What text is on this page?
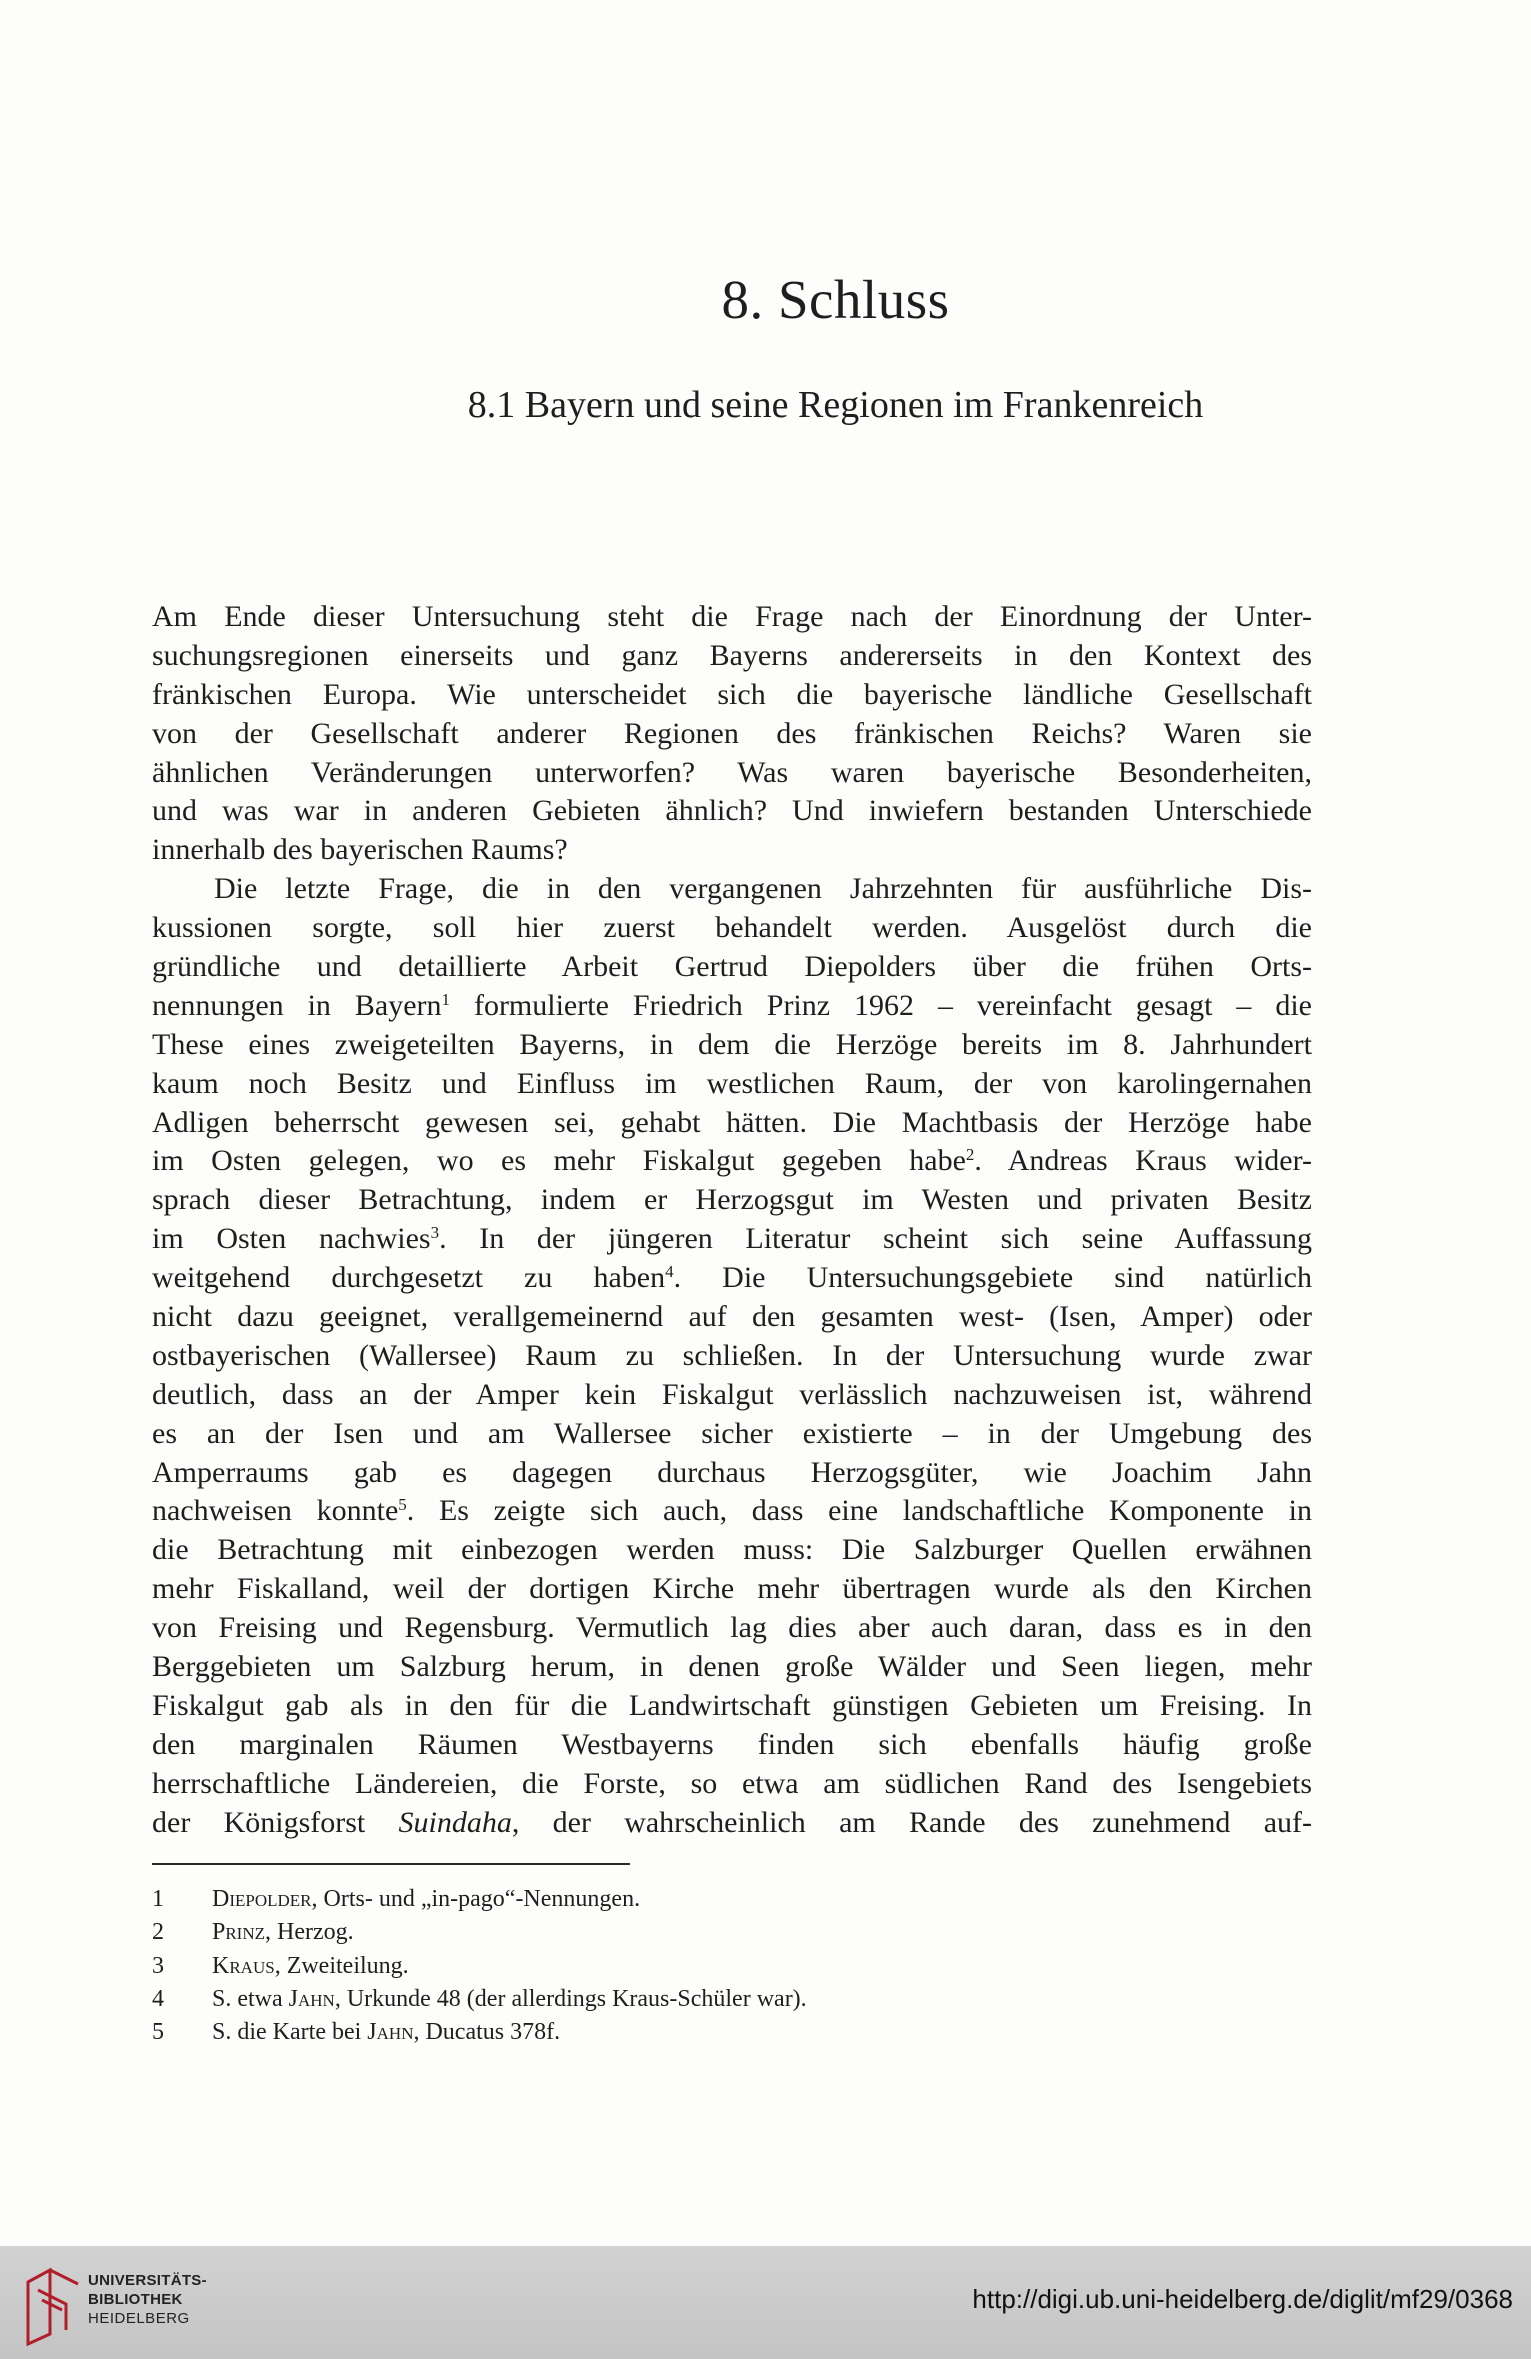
8. Schluss
8.1 Bayern und seine Regionen im Frankenreich
Am Ende dieser Untersuchung steht die Frage nach der Einordnung der Unter-
suchungsregionen einerseits und ganz Bayerns andererseits in den Kontext des
fränkischen Europa. Wie unterscheidet sich die bayerische ländliche Gesellschaft
von der Gesellschaft anderer Regionen des fränkischen Reichs? Waren sie
ähnlichen Veränderungen unterworfen? Was waren bayerische Besonderheiten,
und was war in anderen Gebieten ähnlich? Und inwiefern bestanden Unterschiede
innerhalb des bayerischen Raums?
Die letzte Frage, die in den vergangenen Jahrzehnten für ausführliche Dis-
kussionen sorgte, soll hier zuerst behandelt werden. Ausgelöst durch die
gründliche und detaillierte Arbeit Gertrud Diepolders über die frühen Orts-
nennungen in Bayern$^1$ formulierte Friedrich Prinz 1962 – vereinfacht gesagt – die
These eines zweigeteilten Bayerns, in dem die Herzöge bereits im 8. Jahrhundert
kaum noch Besitz und Einfluss im westlichen Raum, der von karolingernahen
Adligen beherrscht gewesen sei, gehabt hätten. Die Machtbasis der Herzöge habe
im Osten gelegen, wo es mehr Fiskalgut gegeben habe$^2$. Andreas Kraus wider-
sprach dieser Betrachtung, indem er Herzogsgut im Westen und privaten Besitz
im Osten nachwies$^3$. In der jüngeren Literatur scheint sich seine Auffassung
weitgehend durchgesetzt zu haben$^4$. Die Untersuchungsgebiete sind natürlich
nicht dazu geeignet, verallgemeinernd auf den gesamten west- (Isen, Amper) oder
ostbayerischen (Wallersee) Raum zu schließen. In der Untersuchung wurde zwar
deutlich, dass an der Amper kein Fiskalgut verlässlich nachzuweisen ist, während
es an der Isen und am Wallersee sicher existierte – in der Umgebung des
Amperraums gab es dagegen durchaus Herzogsgüter, wie Joachim Jahn
nachweisen konnte$^5$. Es zeigte sich auch, dass eine landschaftliche Komponente in
die Betrachtung mit einbezogen werden muss: Die Salzburger Quellen erwähnen
mehr Fiskalland, weil der dortigen Kirche mehr übertragen wurde als den Kirchen
von Freising und Regensburg. Vermutlich lag dies aber auch daran, dass es in den
Berggebieten um Salzburg herum, in denen große Wälder und Seen liegen, mehr
Fiskalgut gab als in den für die Landwirtschaft günstigen Gebieten um Freising. In
den marginalen Räumen Westbayerns finden sich ebenfalls häufig große
herrschaftliche Ländereien, die Forste, so etwa am südlichen Rand des Isengebiets
der Königsforst Suindaha, der wahrscheinlich am Rande des zunehmend auf-
1	Diepolder, Orts- und „in-pago“-Nennungen.
2	Prinz, Herzog.
3	Kraus, Zweiteilung.
4	S. etwa Jahn, Urkunde 48 (der allerdings Kraus-Schüler war).
5	S. die Karte bei Jahn, Ducatus 378f.
UNIVERSITÄTS-
BIBLIOTHEK
HEIDELBERG
http://digi.ub.uni-heidelberg.de/diglit/mf29/0368
